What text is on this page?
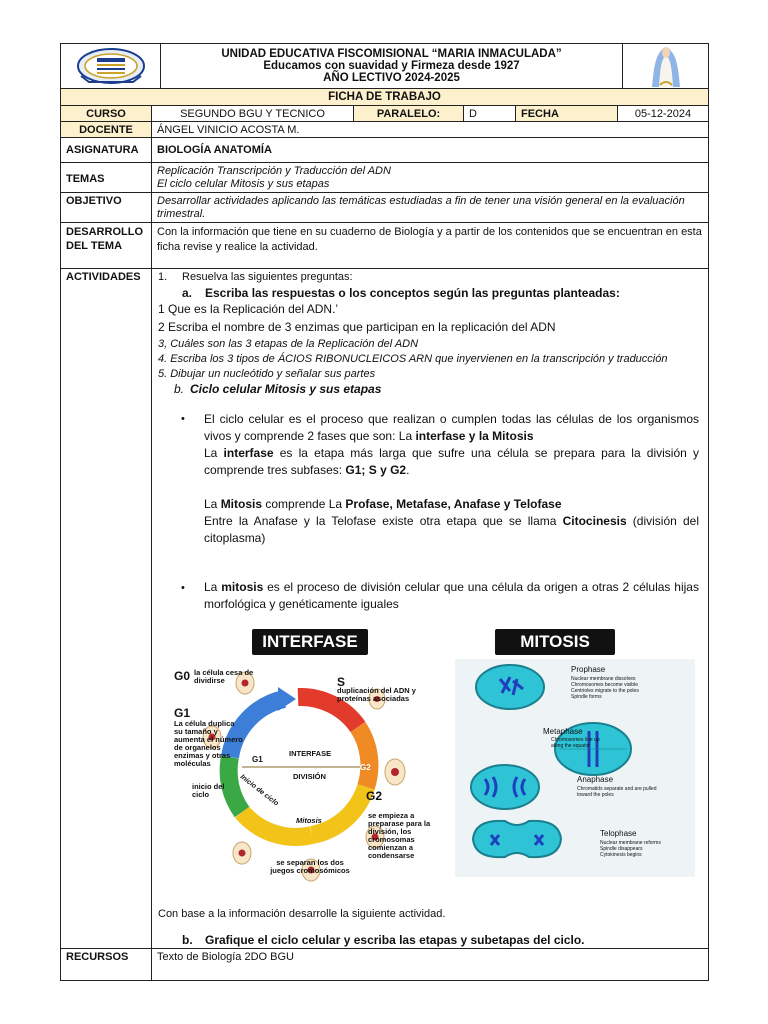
UNIDAD EDUCATIVA FISCOMISIONAL “MARIA INMACULADA”
Educamos con suavidad y Firmeza desde 1927
AÑO LECTIVO 2024-2025
FICHA DE TRABAJO
CURSO	SEGUNDO BGU Y TECNICO	PARALELO:	D	FECHA	05-12-2024
DOCENTE	ÁNGEL VINICIO ACOSTA M.
ASIGNATURA	BIOLOGÍA ANATOMÍA
TEMAS
Replicación Transcripción y Traducción del ADN
El ciclo celular Mitosis y sus etapas
OBJETIVO	Desarrollar actividades aplicando las temáticas estudiadas a fin de tener una visión general en la evaluación trimestral.
DESARROLLO
DEL TEMA
Con la información que tiene en su cuaderno de Biología y a partir de los contenidos que se encuentran en esta ficha revise y realice la actividad.
ACTIVIDADES	1. Resuelva las siguientes preguntas:
a. Escriba las respuestas o los conceptos según las preguntas planteadas:
1 Que es la Replicación del ADN.’
2 Escriba el nombre de 3 enzimas que participan en la replicación del ADN
3, Cuáles son las 3 etapas de la Replicación del ADN
4. Escriba los 3 tipos de ÁCIOS RIBONUCLEICOS ARN que inyervienen en la transcripción y traducción
5. Dibujar un nucleótido y señalar sus partes
b. Ciclo celular Mitosis y sus etapas
• El ciclo celular es el proceso que realizan o cumplen todas las células de los organismos vivos y comprende 2 fases que son: La interfase y la Mitosis
La interfase es la etapa más larga que sufre una célula se prepara para la división y comprende tres subfases: G1; S y G2.
La Mitosis comprende La Profase, Metafase, Anafase y Telofase
Entre la Anafase y la Telofase existe otra etapa que se llama Citocinesis (división del citoplasma)
• La mitosis es el proceso de división celular que una célula da origen a otras 2 células hijas morfológica y genéticamente iguales
INTERFASE
G0 la célula cesa de dividirse	S
duplicación del ADN y proteínas asociadas
G1
La célula duplica su tamaño y aumenta el número de organelos enzimas y otras moléculas
inicio del ciclo
Fase S
INTERFASE
DIVISIÓN
Mitosis
Inicio de ciclo
G1
G2
G2
se empieza a preparase para la división, los cromosomas comienzan a condensarse
se separan los dos juegos cromosómicos
MITOSIS
Prophase
Nuclear membrane dissolves
Chromosomes become visible
Centrioles migrate to the poles
Spindle forms
Metaphase
Chromosomes line up
along the equator
Anaphase
Chromatids separate and are pulled
toward the poles
Telophase
Nuclear membrane reforms
Spindle disappears
Cytokinesis begins
Con base a la información desarrolle la siguiente actividad.
b. Grafique el ciclo celular y escriba las etapas y subetapas del ciclo.
RECURSOS	Texto de Biología 2DO BGU
